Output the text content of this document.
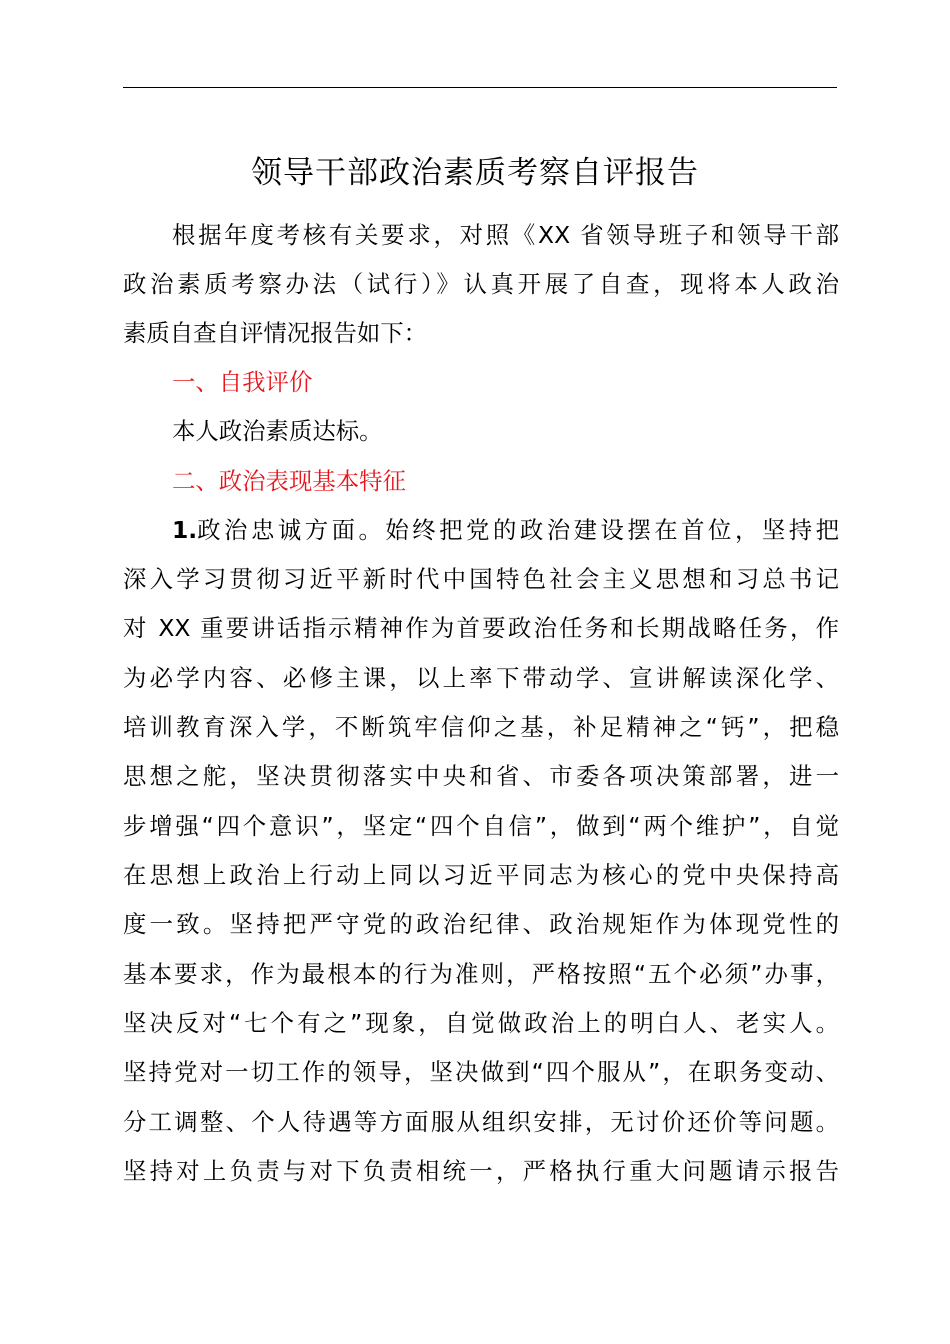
领导干部政治素质考察自评报告
根据年度考核有关要求，对照《XX 省领导班子和领导干部
政治素质考察办法（试行）》认真开展了自查，现将本人政治
素质自查自评情况报告如下：
一、自我评价
本人政治素质达标。
二、政治表现基本特征
1. 政治忠诚方面。始终把党的政治建设摆在首位，坚持把
深入学习贯彻习近平新时代中国特色社会主义思想和习总书记
对 XX 重要讲话指示精神作为首要政治任务和长期战略任务，作
为必学内容、必修主课，以上率下带动学、宣讲解读深化学、
培训教育深入学，不断筑牢信仰之基，补足精神之“钙”，把稳
思想之舵，坚决贯彻落实中央和省、市委各项决策部署，进一
步增强“四个意识”，坚定“四个自信”，做到“两个维护”，自觉
在思想上政治上行动上同以习近平同志为核心的党中央保持高
度一致。坚持把严守党的政治纪律、政治规矩作为体现党性的
基本要求，作为最根本的行为准则，严格按照“五个必须”办事，
坚决反对“七个有之”现象，自觉做政治上的明白人、老实人。
坚持党对一切工作的领导，坚决做到“四个服从”，在职务变动、
分工调整、个人待遇等方面服从组织安排，无讨价还价等问题。
坚持对上负责与对下负责相统一，严格执行重大问题请示报告
